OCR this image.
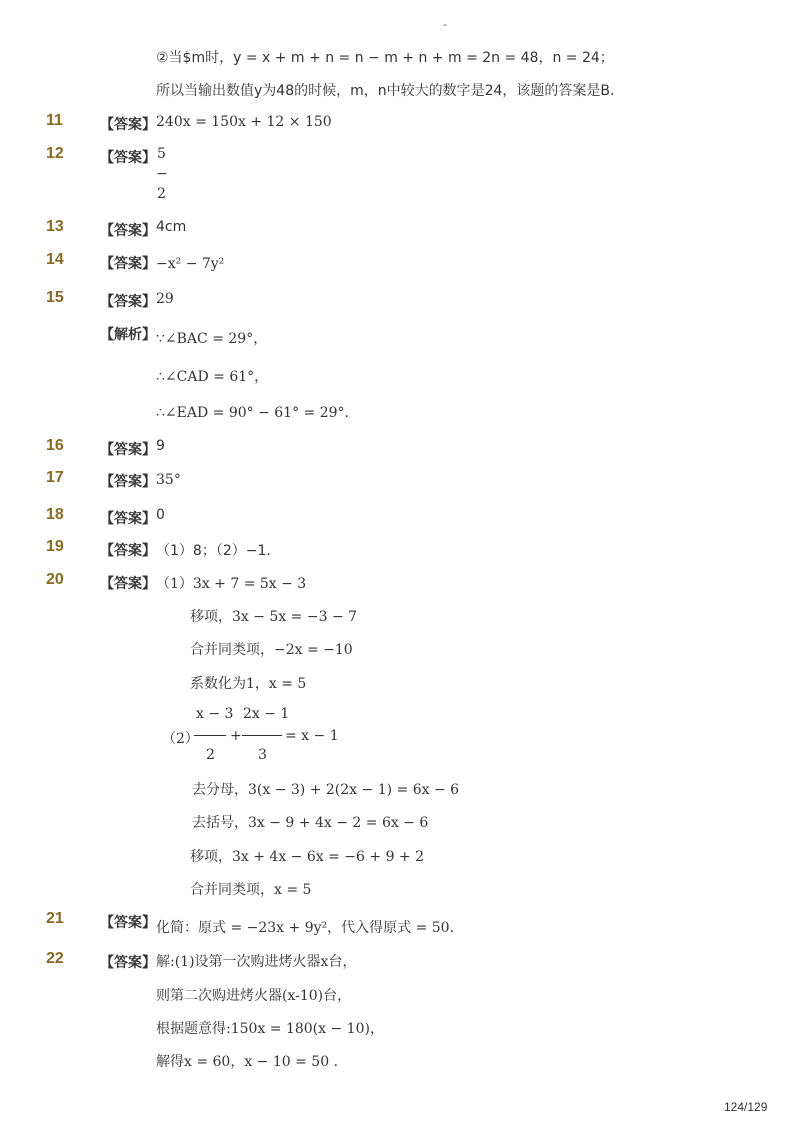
-
②当$m时，y = x + m + n = n − m + n + m = 2n = 48，n = 24；
所以当输出数值y为48的时候，m，n中较大的数字是24，该题的答案是B．
11	【答案】 240x = 150x + 12 × 150
12	【答案】 5
−
2
13	【答案】 4cm
14	【答案】 −x² − 7y²
15	【答案】 29
【解析】 ∵∠BAC = 29°，
∴∠CAD = 61°，
∴∠EAD = 90° − 61° = 29°.
16	【答案】 9
17	【答案】 35°
18	【答案】 0
19	【答案】 （1）8；（2）−1．
20	【答案】 （1）3x + 7 = 5x − 3
移项，3x − 5x = −3 − 7
合并同类项，−2x = −10
系数化为1，x = 5
（2）
x − 3
2
+
2x − 1
3
= x − 1
去分母，3(x − 3) + 2(2x − 1) = 6x − 6
去括号，3x − 9 + 4x − 2 = 6x − 6
移项，3x + 4x − 6x = −6 + 9 + 2
合并同类项，x = 5
21	【答案】 化简：原式 = −23x + 9y²，代入得原式 = 50．
22	【答案】 解:(1)设第一次购进烤火器x台，
则第二次购进烤火器(x-10)台，
根据题意得:150x = 180(x − 10)，
解得x = 60，x − 10 = 50 ．
124/129
